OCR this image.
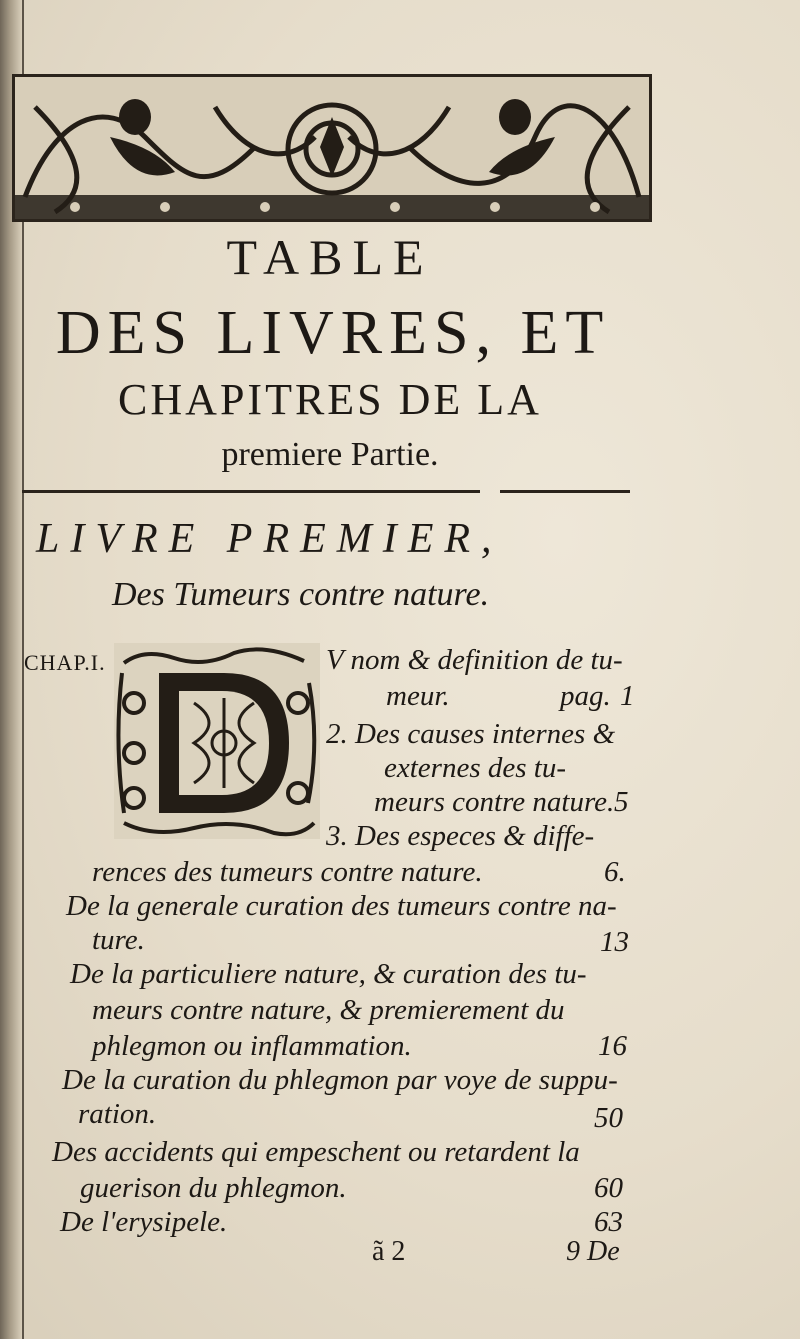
TABLE
DES LIVRES, ET
CHAPITRES DE LA
premiere Partie.
LIVRE PREMIER,
Des Tumeurs contre nature.
CHAP.I.	V nom & definition de tu-
meur.	pag. 1
2. Des causes internes &
externes des tu-
meurs contre nature. 5
3. Des especes & diffe-
rences des tumeurs contre nature.	6.
De la generale curation des tumeurs contre na-
ture.	13
De la particuliere nature, & curation des tu-
meurs contre nature, & premierement du
phlegmon ou inflammation.	16
De la curation du phlegmon par voye de suppu-
ration.	50
Des accidents qui empeschent ou retardent la
guerison du phlegmon.	60
De l'erysipele.	63
ã 2	9 De
